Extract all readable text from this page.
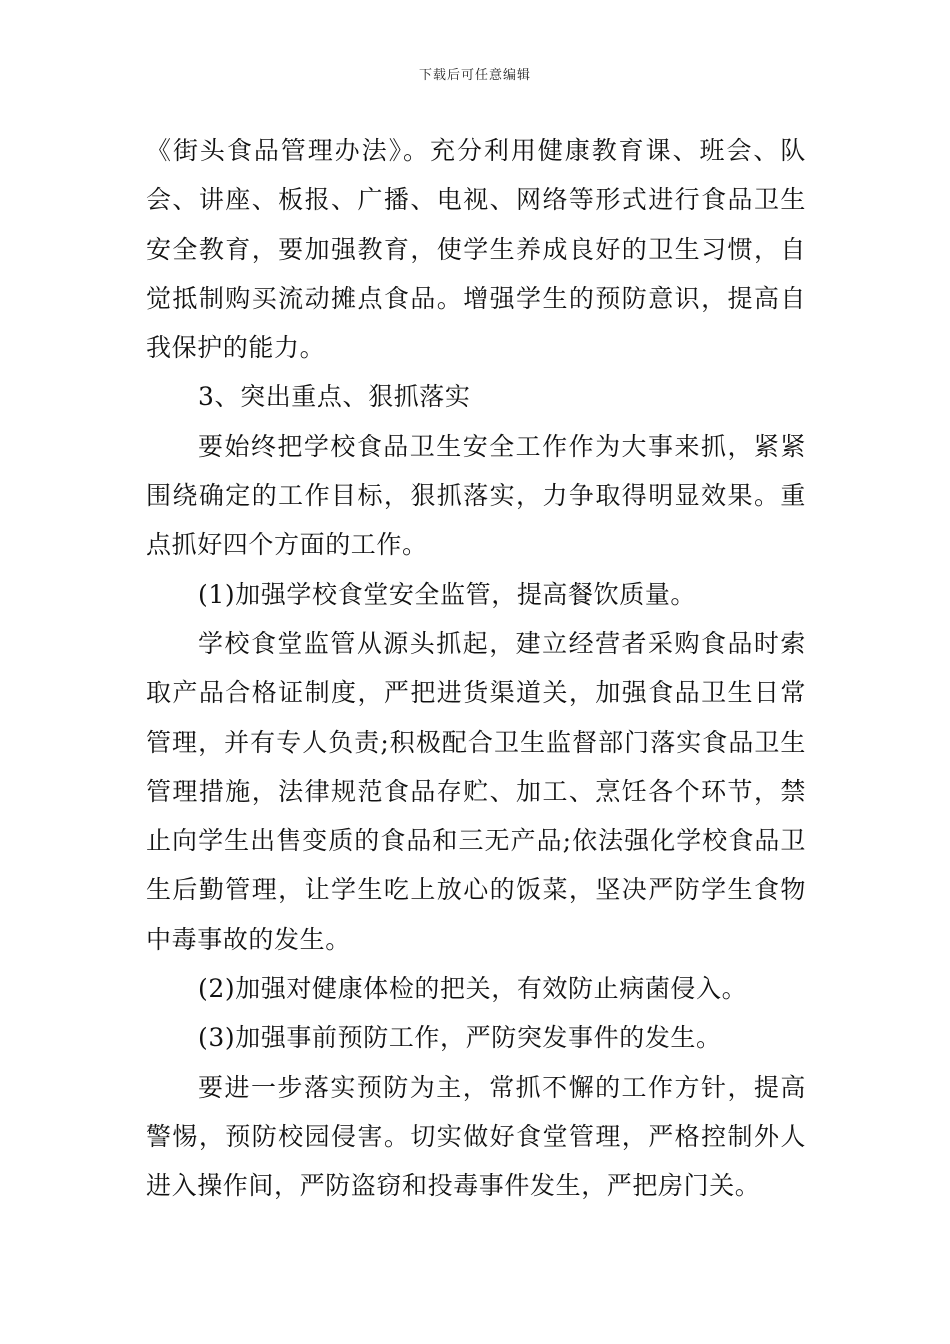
下载后可任意编辑

《街头食品管理办法》。充分利用健康教育课、班会、队会、讲座、板报、广播、电视、网络等形式进行食品卫生安全教育，要加强教育，使学生养成良好的卫生习惯，自觉抵制购买流动摊点食品。增强学生的预防意识，提高自我保护的能力。

3、突出重点、狠抓落实

要始终把学校食品卫生安全工作作为大事来抓，紧紧围绕确定的工作目标，狠抓落实，力争取得明显效果。重点抓好四个方面的工作。

(1)加强学校食堂安全监管，提高餐饮质量。

学校食堂监管从源头抓起，建立经营者采购食品时索取产品合格证制度，严把进货渠道关，加强食品卫生日常管理，并有专人负责;积极配合卫生监督部门落实食品卫生管理措施，法律规范食品存贮、加工、烹饪各个环节，禁止向学生出售变质的食品和三无产品;依法强化学校食品卫生后勤管理，让学生吃上放心的饭菜，坚决严防学生食物中毒事故的发生。

(2)加强对健康体检的把关，有效防止病菌侵入。

(3)加强事前预防工作，严防突发事件的发生。

要进一步落实预防为主，常抓不懈的工作方针，提高警惕，预防校园侵害。切实做好食堂管理，严格控制外人进入操作间，严防盗窃和投毒事件发生，严把房门关。
